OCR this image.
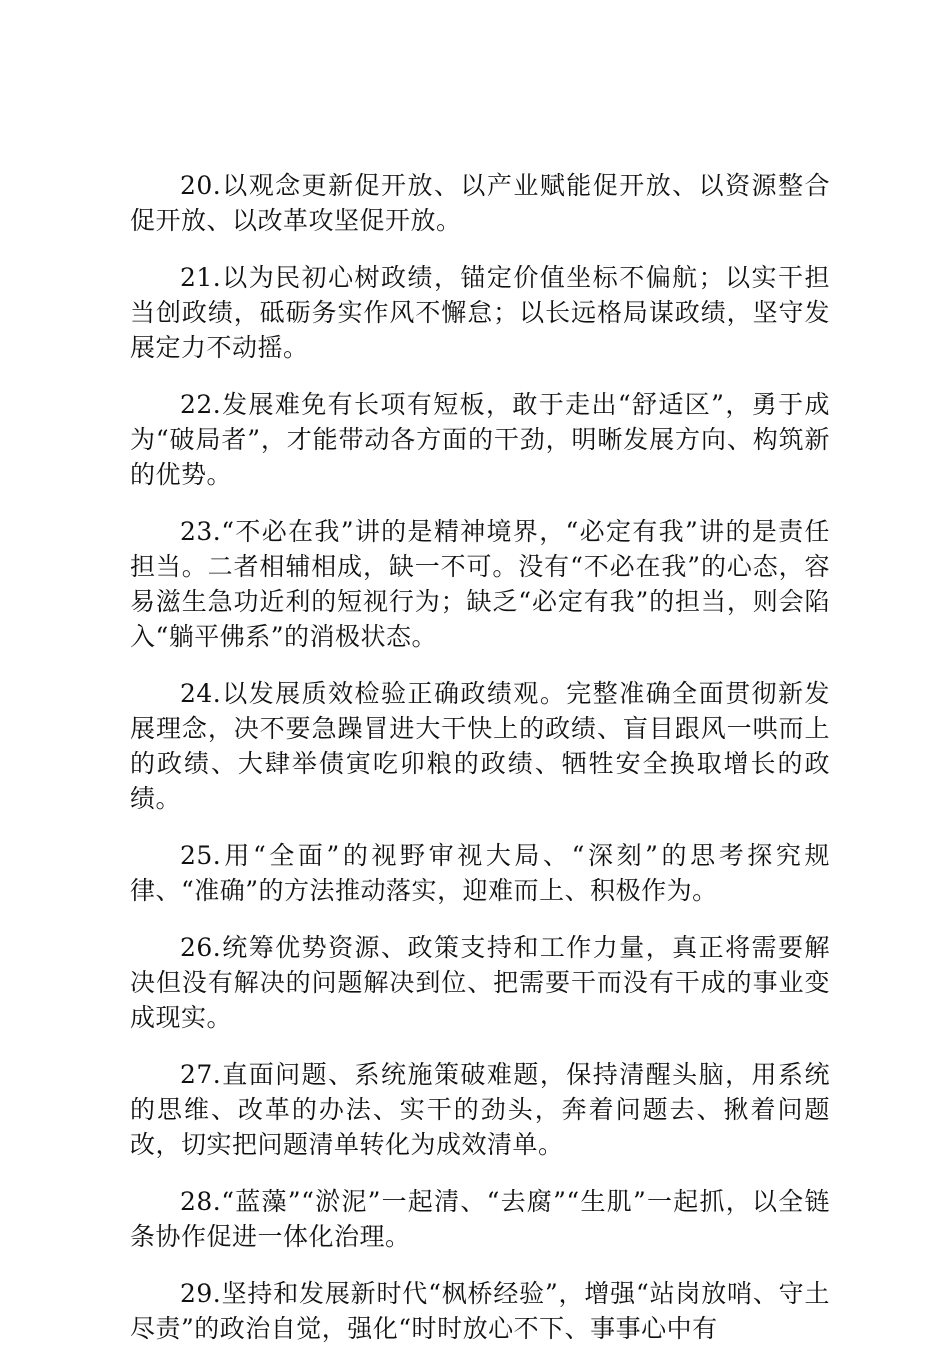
20.以观念更新促开放、以产业赋能促开放、以资源整合促开放、以改革攻坚促开放。

21.以为民初心树政绩，锚定价值坐标不偏航；以实干担当创政绩，砥砺务实作风不懈怠；以长远格局谋政绩，坚守发展定力不动摇。

22.发展难免有长项有短板，敢于走出“舒适区”，勇于成为“破局者”，才能带动各方面的干劲，明晰发展方向、构筑新的优势。

23.“不必在我”讲的是精神境界，“必定有我”讲的是责任担当。二者相辅相成，缺一不可。没有“不必在我”的心态，容易滋生急功近利的短视行为；缺乏“必定有我”的担当，则会陷入“躺平佛系”的消极状态。

24.以发展质效检验正确政绩观。完整准确全面贯彻新发展理念，决不要急躁冒进大干快上的政绩、盲目跟风一哄而上的政绩、大肆举债寅吃卯粮的政绩、牺牲安全换取增长的政绩。

25.用“全面”的视野审视大局、“深刻”的思考探究规律、“准确”的方法推动落实，迎难而上、积极作为。

26.统筹优势资源、政策支持和工作力量，真正将需要解决但没有解决的问题解决到位、把需要干而没有干成的事业变成现实。

27.直面问题、系统施策破难题，保持清醒头脑，用系统的思维、改革的办法、实干的劲头，奔着问题去、揪着问题改，切实把问题清单转化为成效清单。

28.“蓝藻”“淤泥”一起清、“去腐”“生肌”一起抓，以全链条协作促进一体化治理。

29.坚持和发展新时代“枫桥经验”，增强“站岗放哨、守土尽责”的政治自觉，强化“时时放心不下、事事心中有
